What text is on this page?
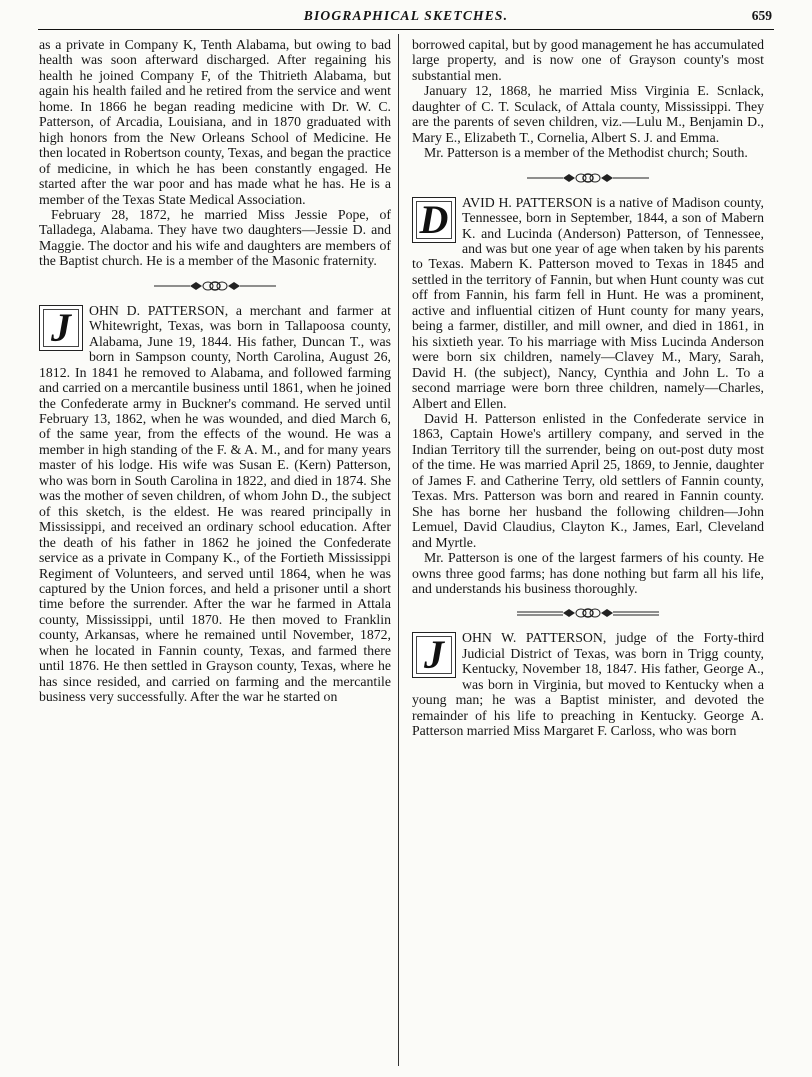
BIOGRAPHICAL SKETCHES.	659

as a private in Company K, Tenth Alabama, but owing to bad health was soon afterward discharged. After regaining his health he joined Company F, of the Thitrieth Alabama, but again his health failed and he retired from the service and went home. In 1866 he began reading medicine with Dr. W. C. Patterson, of Arcadia, Louisiana, and in 1870 graduated with high honors from the New Orleans School of Medicine. He then located in Robertson county, Texas, and began the practice of medicine, in which he has been constantly engaged. He started after the war poor and has made what he has. He is a member of the Texas State Medical Association.

February 28, 1872, he married Miss Jessie Pope, of Talladega, Alabama. They have two daughters—Jessie D. and Maggie. The doctor and his wife and daughters are members of the Baptist church. He is a member of the Masonic fraternity.

J	OHN D. PATTERSON, a merchant and farmer at Whitewright, Texas, was born in Tallapoosa county, Alabama, June 19, 1844. His father, Duncan T., was born in Sampson county, North Carolina, August 26, 1812. In 1841 he removed to Alabama, and followed farming and carried on a mercantile business until 1861, when he joined the Confederate army in Buckner's command. He served until February 13, 1862, when he was wounded, and died March 6, of the same year, from the effects of the wound. He was a member in high standing of the F. & A. M., and for many years master of his lodge. His wife was Susan E. (Kern) Patterson, who was born in South Carolina in 1822, and died in 1874. She was the mother of seven children, of whom John D., the subject of this sketch, is the eldest. He was reared principally in Mississippi, and received an ordinary school education. After the death of his father in 1862 he joined the Confederate service as a private in Company K., of the Fortieth Mississippi Regiment of Volunteers, and served until 1864, when he was captured by the Union forces, and held a prisoner until a short time before the surrender. After the war he farmed in Attala county, Mississippi, until 1870. He then moved to Franklin county, Arkansas, where he remained until November, 1872, when he located in Fannin county, Texas, and farmed there until 1876. He then settled in Grayson county, Texas, where he has since resided, and carried on farming and the mercantile business very successfully. After the war he started on

borrowed capital, but by good management he has accumulated large property, and is now one of Grayson county's most substantial men.

January 12, 1868, he married Miss Virginia E. Scnlack, daughter of C. T. Sculack, of Attala county, Mississippi. They are the parents of seven children, viz.—Lulu M., Benjamin D., Mary E., Elizabeth T., Cornelia, Albert S. J. and Emma.

Mr. Patterson is a member of the Methodist church; South.

D AVID H. PATTERSON is a native of Madison county, Tennessee, born in September, 1844, a son of Mabern K. and Lucinda (Anderson) Patterson, of Tennessee, and was but one year of age when taken by his parents to Texas. Mabern K. Patterson moved to Texas in 1845 and settled in the territory of Fannin, but when Hunt county was cut off from Fannin, his farm fell in Hunt. He was a prominent, active and influential citizen of Hunt county for many years, being a farmer, distiller, and mill owner, and died in 1861, in his sixtieth year. To his marriage with Miss Lucinda Anderson were born six children, namely—Clavey M., Mary, Sarah, David H. (the subject), Nancy, Cynthia and John L. To a second marriage were born three children, namely—Charles, Albert and Ellen.

David H. Patterson enlisted in the Confederate service in 1863, Captain Howe's artillery company, and served in the Indian Territory till the surrender, being on out-post duty most of the time. He was married April 25, 1869, to Jennie, daughter of James F. and Catherine Terry, old settlers of Fannin county, Texas. Mrs. Patterson was born and reared in Fannin county. She has borne her husband the following children—John Lemuel, David Claudius, Clayton K., James, Earl, Cleveland and Myrtle.

Mr. Patterson is one of the largest farmers of his county. He owns three good farms; has done nothing but farm all his life, and understands his business thoroughly.

J	OHN W. PATTERSON, judge of the Forty-third Judicial District of Texas, was born in Trigg county, Kentucky, November 18, 1847. His father, George A., was born in Virginia, but moved to Kentucky when a young man; he was a Baptist minister, and devoted the remainder of his life to preaching in Kentucky. George A. Patterson married Miss Margaret F. Carloss, who was born
